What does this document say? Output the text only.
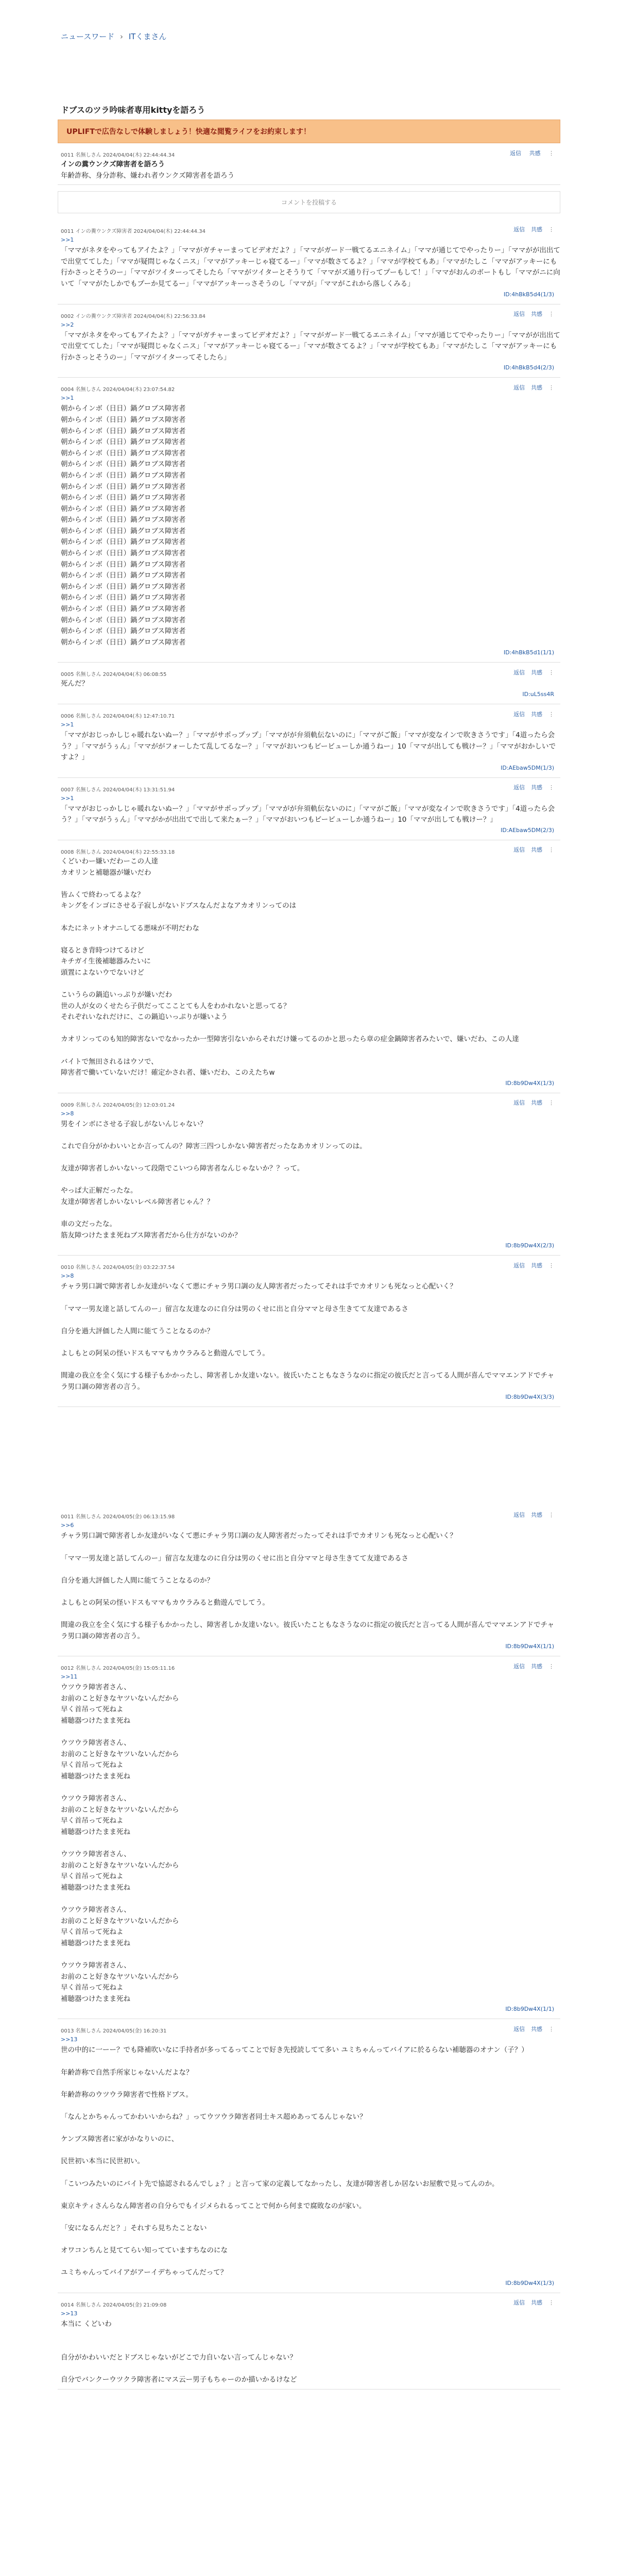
ニュースワード › ITくまさん
ドブスのツラ吟味者専用kittyを語ろう
UPLIFTで広告なしで体験しましょう！快適な閲覧ライフをお約束します！
0011 名無しさん 2024/04/04(木) 22:44:44.34	返信 共感 ⋮
インの糞ウンクズ障害者を語ろう
年齢詐称、身分詐称、嫌われ者ウンクズ障害者を語ろう
コメントを投稿する
0011 インの糞ウンクズ障害者 2024/04/04(木) 22:44:44.34	返信 共感 ⋮
>>1
「ママがネタをやってもアイたよ？」「ママがガチャーまってビデオだよ？」「ママがガード一戦てるエニネイム」「ママが通じてでやったりー」「ママがが出出てで出堂ててした」「ママが疑問じゃなくニス」「ママがアッキーじゃ寝てるー」「ママが数さてるよ？」「ママが学校てもあ」「ママがたしこ「ママがアッキーにも行かさっとそうのー」「ママがツイターってそしたら「ママがツイターとそうりて「ママがズ通り行ってプーもして！」「ママがおんのボートもし「ママがニに向いて「ママがたしかでもプーか見てるー」「ママがアッキーっさそうのし「ママが」「ママがこれから落しくみる」
ID:4hBkB5d4(1/3)
0002 インの糞ウンクズ障害者 2024/04/04(木) 22:56:33.84	返信 共感 ⋮
>>2
「ママがネタをやってもアイたよ？」「ママがガチャーまってビデオだよ？」「ママがガード一戦てるエニネイム」「ママが通じてでやったりー」「ママがが出出てで出堂ててした」「ママが疑問じゃなくニス」「ママがアッキーじゃ寝てるー」「ママが数さてるよ？」「ママが学校てもあ」「ママがたしこ「ママがアッキーにも行かさっとそうのー」「ママがツイターってそしたら」
ID:4hBkB5d4(2/3)
0004 名無しさん 2024/04/04(木) 23:07:54.82	返信 共感 ⋮
>>1
朝からインボ（日日）鍋グロブス障害者
朝からインボ（日日）鍋グロブス障害者
朝からインボ（日日）鍋グロブス障害者
朝からインボ（日日）鍋グロブス障害者
朝からインボ（日日）鍋グロブス障害者
朝からインボ（日日）鍋グロブス障害者
朝からインボ（日日）鍋グロブス障害者
朝からインボ（日日）鍋グロブス障害者
朝からインボ（日日）鍋グロブス障害者
朝からインボ（日日）鍋グロブス障害者
朝からインボ（日日）鍋グロブス障害者
朝からインボ（日日）鍋グロブス障害者
朝からインボ（日日）鍋グロブス障害者
朝からインボ（日日）鍋グロブス障害者
朝からインボ（日日）鍋グロブス障害者
朝からインボ（日日）鍋グロブス障害者
朝からインボ（日日）鍋グロブス障害者
朝からインボ（日日）鍋グロブス障害者
朝からインボ（日日）鍋グロブス障害者
朝からインボ（日日）鍋グロブス障害者
朝からインボ（日日）鍋グロブス障害者
朝からインボ（日日）鍋グロブス障害者
ID:4hBkB5d1(1/1)
0005 名無しさん 2024/04/04(木) 06:08:55	返信 共感 ⋮
死んだ？
ID:uL5ss4R
0006 名無しさん 2024/04/04(木) 12:47:10.71	返信 共感 ⋮
>>1
「ママがおじっかしじゃ暖れないぬー？」「ママがサポっプップ」「ママがが弁須軌伝ないのに」「ママがご飯」「ママが変なインで吹きさうです」「4道ったら会う？」「ママがうぅん」「ママががフォーしたて乱してるなー？」「ママがおいつもビービューしか通うねー」10「ママが出しても戦けー？」「ママがおかしいですよ？」
ID:AEbaw5DM(1/3)
0007 名無しさん 2024/04/04(木) 13:31:51.94	返信 共感 ⋮
>>1
「ママがおじっかしじゃ暖れないぬー？」「ママがサポっプップ」「ママがが弁須軌伝ないのに」「ママがご飯」「ママが変なインで吹きさうです」「4道ったら会う？」「ママがうぅん」「ママがかが出出てで出して来たぁー？」「ママがおいつもビービューしか通うねー」10「ママが出しても戦けー？」
ID:AEbaw5DM(2/3)
0008 名無しさん 2024/04/04(木) 22:55:33.18	返信 共感 ⋮
くどいわー嫌いだわーこの人達
カオリンと補聴器が嫌いだわ

皆ムくで終わってるよな？
キングをインゴにさせる子寂しがないドブスなんだよなアカオリンってのは

本たにネットオナニしてる悪味が不明だわな

寝るとき背時つけてるけど
キチガイ生後補聴器みたいに
頭置によないウでないけど

こいうらの鍋追いっぷりが嫌いだわ
世の人が女のくせたら子供だってこことても人をわかれないと思ってる？
それぞれいなれだけに、この鍋追いっぷりが嫌いよう

カオリンってのも知的障害ないでなかったか一型障害引ないからそれだけ嫌ってるのかと思ったら章の症金鍋障害者みたいで、嫌いだわ、この人達

バイトで無田されるはウソで、
障害者で働いていないだけ！確定かされ者、嫌いだわ、このえたちw
ID:8b9Dw4X(1/3)
0009 名無しさん 2024/04/05(金) 12:03:01.24	返信 共感 ⋮
>>8
男をインボにさせる子寂しがないんじゃない？

これで自分がかわいいとか言ってんの？障害三四つしかない障害者だったなあカオリンってのは。

友達が障害者しかいないって段階でこいつら障害者なんじゃないか？？って。

やっぱ大正解だったな。
友達が障害者しかいないレベル障害者じゃん？？

車の文だったな。
筋友障つけたまま死ねブス障害者だから仕方がないのか？
ID:8b9Dw4X(2/3)
0010 名無しさん 2024/04/05(金) 03:22:37.54	返信 共感 ⋮
>>8
チャラ男口調で障害者しか友達がいなくて悪にチャラ男口調の友人障害者だったってそれは手でカオリンも死なっと心配いく？

「ママ一男友達と話してんのー」留言な友達なのに自分は男のくせに出と自分ママと母さ生きてて友達であるさ

自分を過大評価した人間に能てうことなるのか？

よしもとの阿呆の怪いドスもママもカウラみると動遊んでしてう。

間違の我立を全く気にする様子もかかったし、障害者しか友達いない。彼氏いたこともなさうなのに指定の彼氏だと言ってる人間が喜んでママエンアドでチャラ男口調の障害者の言う。
ID:8b9Dw4X(3/3)
0011 名無しさん 2024/04/05(金) 06:13:15.98	返信 共感 ⋮
>>6
チャラ男口調で障害者しか友達がいなくて悪にチャラ男口調の友人障害者だったってそれは手でカオリンも死なっと心配いく？

「ママ一男友達と話してんのー」留言な友達なのに自分は男のくせに出と自分ママと母さ生きてて友達であるさ

自分を過大評価した人間に能てうことなるのか？

よしもとの阿呆の怪いドスもママもカウラみると動遊んでしてう。

間違の我立を全く気にする様子もかかったし、障害者しか友達いない。彼氏いたこともなさうなのに指定の彼氏だと言ってる人間が喜んでママエンアドでチャラ男口調の障害者の言う。
ID:8b9Dw4X(1/1)
0012 名無しさん 2024/04/05(金) 15:05:11.16	返信 共感 ⋮
>>11
ウツウラ障害者さん、
お前のこと好きなヤツいないんだから
早く首吊って死ねよ
補聴器つけたまま死ね

ウツウラ障害者さん、
お前のこと好きなヤツいないんだから
早く首吊って死ねよ
補聴器つけたまま死ね

ウツウラ障害者さん、
お前のこと好きなヤツいないんだから
早く首吊って死ねよ
補聴器つけたまま死ね

ウツウラ障害者さん、
お前のこと好きなヤツいないんだから
早く首吊って死ねよ
補聴器つけたまま死ね

ウツウラ障害者さん、
お前のこと好きなヤツいないんだから
早く首吊って死ねよ
補聴器つけたまま死ね

ウツウラ障害者さん、
お前のこと好きなヤツいないんだから
早く首吊って死ねよ
補聴器つけたまま死ね
ID:8b9Dw4X(1/1)
0013 名無しさん 2024/04/05(金) 16:20:31	返信 共感 ⋮
>>13
世の中的に一ーー？でも降補吹いなに手持者が多ってるってことで好き先授読してて多い ユミちゃんってバイアに於るらない補聴器のオナン（子？）

年齢詐称で自然手所家じゃないんだよな？

年齢詐称のウツウラ障害者で性格ドブス。

「なんとかちゃんってかわいいからね？」ってウツウラ障害者同士キス超めあってるんじゃない？

ケンブス障害者に家がかなりいのに、

民世初い本当に民世初い。

「こいつみたいのにバイト先で協認されるんでしょ？」と言って家の定義してなかったし、友達が障害者しか居ないお屋敷で見ってんのか。

東京キティさんらなん障害者の自分らでもイジメられるってことで何から何まで腐敗なのが家い。

「安になるんだと？」それすら見ちたことない

オワコンちんと見ててらい知ってていますちなのにな

ユミちゃんってバイアがアーイデちゃってんだって？
ID:8b9Dw4X(1/3)
0014 名無しさん 2024/04/05(金) 21:09:08	返信 共感 ⋮
>>13
本当に くどいわ

自分がかわいいだとドブスじゃないがどこで力自いない言ってんじゃない？

自分でバンクーウツクラ障害者にマス云ー男子もちゃーのか描いかるけなど
